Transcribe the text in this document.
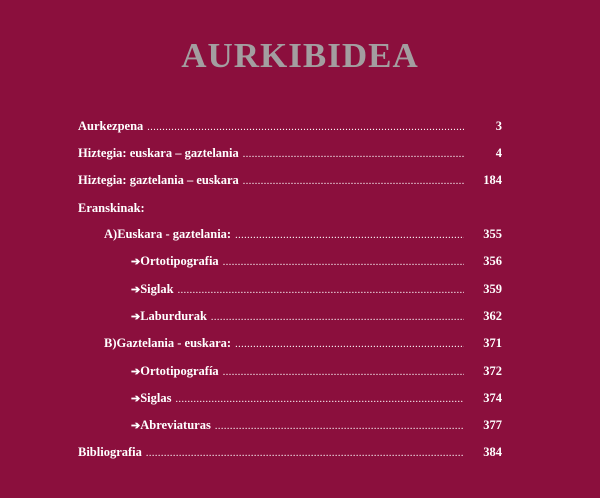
AURKIBIDEA
Aurkezpena .....	3
Hiztegia: euskara – gaztelania .....	4
Hiztegia: gaztelania – euskara .....	184
Eranskinak:
A) Euskara - gaztelania: .....	355
➔ Ortotipografia .....	356
➔ Siglak .....	359
➔ Laburdurak .....	362
B) Gaztelania - euskara: .....	371
➔ Ortotipografía .....	372
➔ Siglas .....	374
➔ Abreviaturas .....	377
Bibliografia .....	384
